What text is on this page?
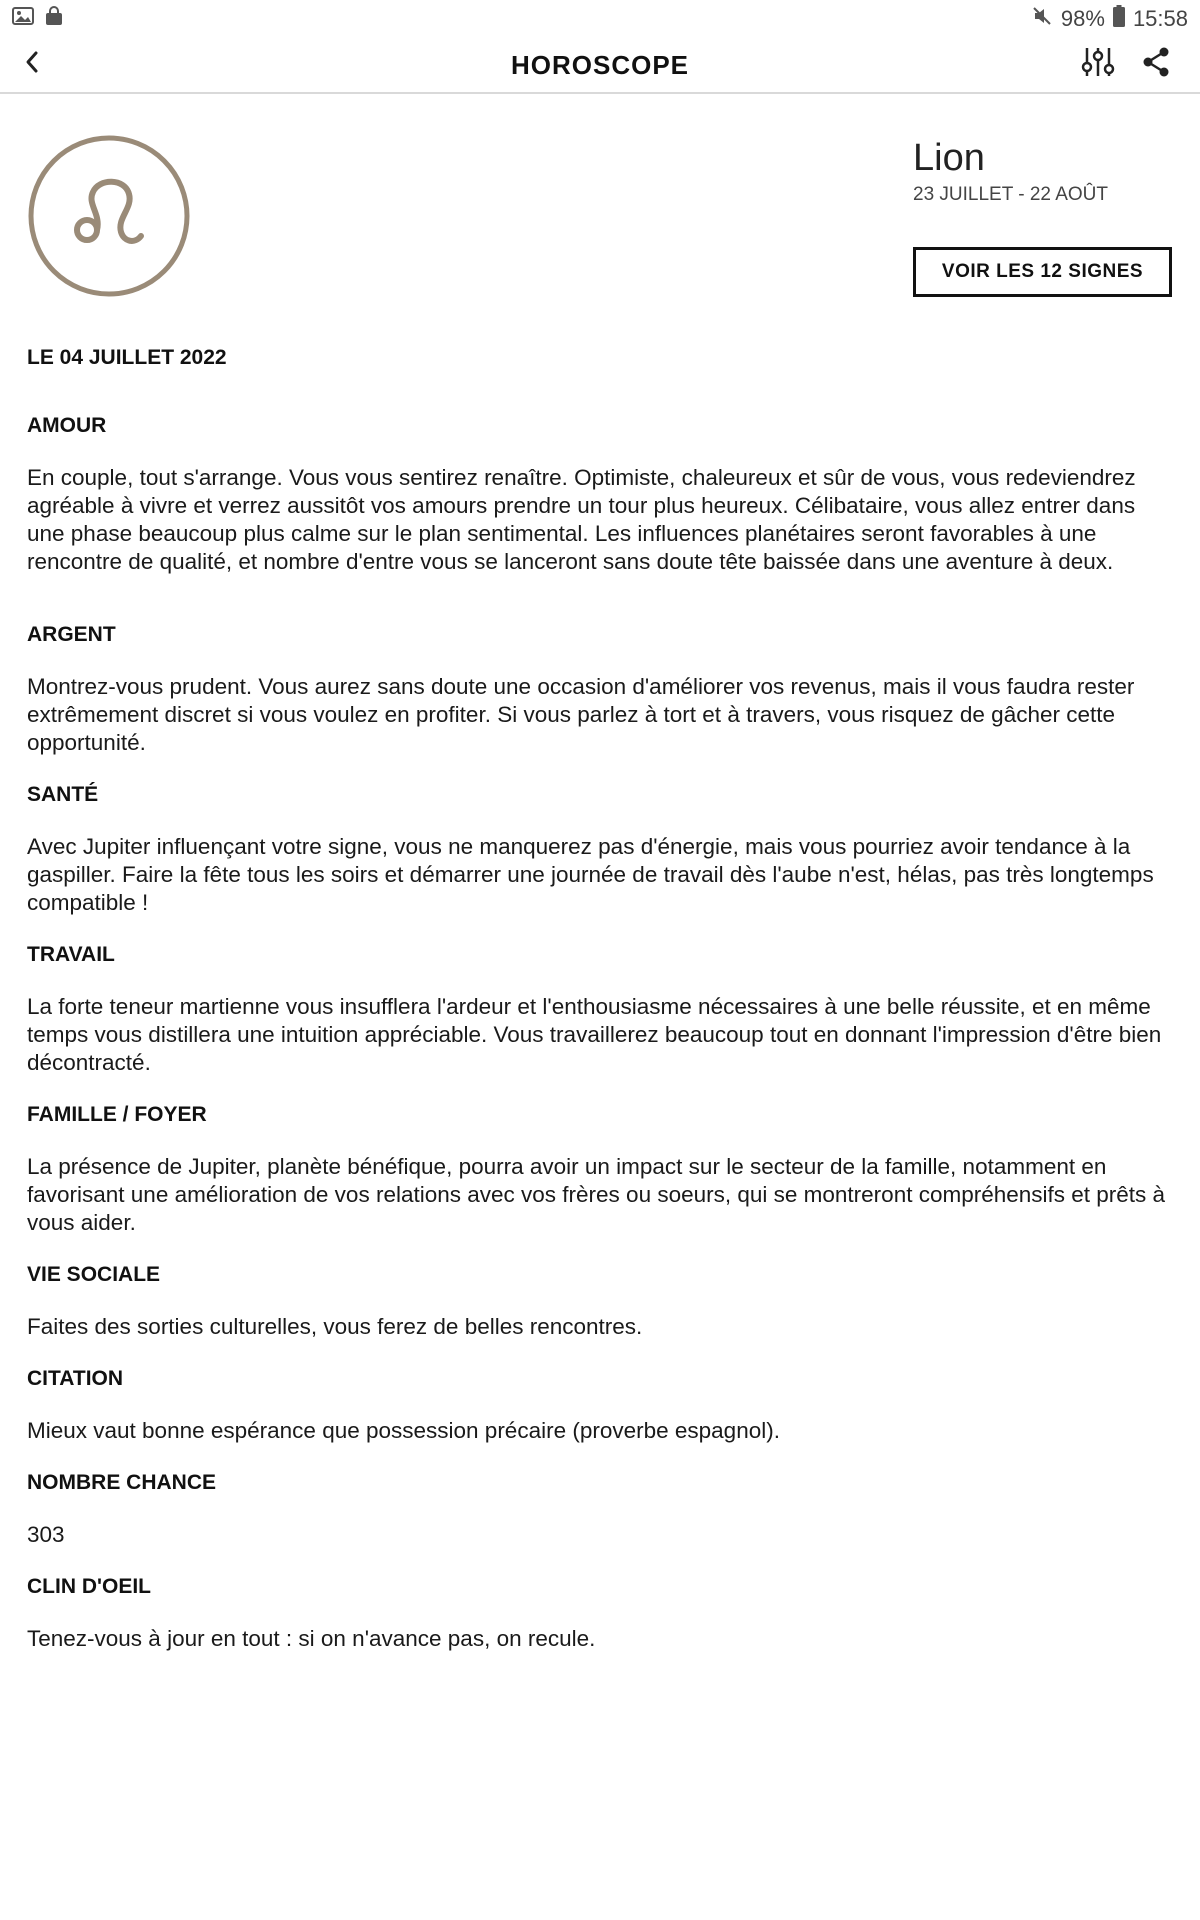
98% 15:58
HOROSCOPE
Lion
23 JUILLET - 22 AOÛT
VOIR LES 12 SIGNES
LE 04 JUILLET 2022
AMOUR
En couple, tout s'arrange. Vous vous sentirez renaître. Optimiste, chaleureux et sûr de vous, vous redeviendrez agréable à vivre et verrez aussitôt vos amours prendre un tour plus heureux. Célibataire, vous allez entrer dans une phase beaucoup plus calme sur le plan sentimental. Les influences planétaires seront favorables à une rencontre de qualité, et nombre d'entre vous se lanceront sans doute tête baissée dans une aventure à deux.
ARGENT
Montrez-vous prudent. Vous aurez sans doute une occasion d'améliorer vos revenus, mais il vous faudra rester extrêmement discret si vous voulez en profiter. Si vous parlez à tort et à travers, vous risquez de gâcher cette opportunité.
SANTÉ
Avec Jupiter influençant votre signe, vous ne manquerez pas d'énergie, mais vous pourriez avoir tendance à la gaspiller. Faire la fête tous les soirs et démarrer une journée de travail dès l'aube n'est, hélas, pas très longtemps compatible !
TRAVAIL
La forte teneur martienne vous insufflera l'ardeur et l'enthousiasme nécessaires à une belle réussite, et en même temps vous distillera une intuition appréciable. Vous travaillerez beaucoup tout en donnant l'impression d'être bien décontracté.
FAMILLE / FOYER
La présence de Jupiter, planète bénéfique, pourra avoir un impact sur le secteur de la famille, notamment en favorisant une amélioration de vos relations avec vos frères ou soeurs, qui se montreront compréhensifs et prêts à vous aider.
VIE SOCIALE
Faites des sorties culturelles, vous ferez de belles rencontres.
CITATION
Mieux vaut bonne espérance que possession précaire (proverbe espagnol).
NOMBRE CHANCE
303
CLIN D'OEIL
Tenez-vous à jour en tout : si on n'avance pas, on recule.
